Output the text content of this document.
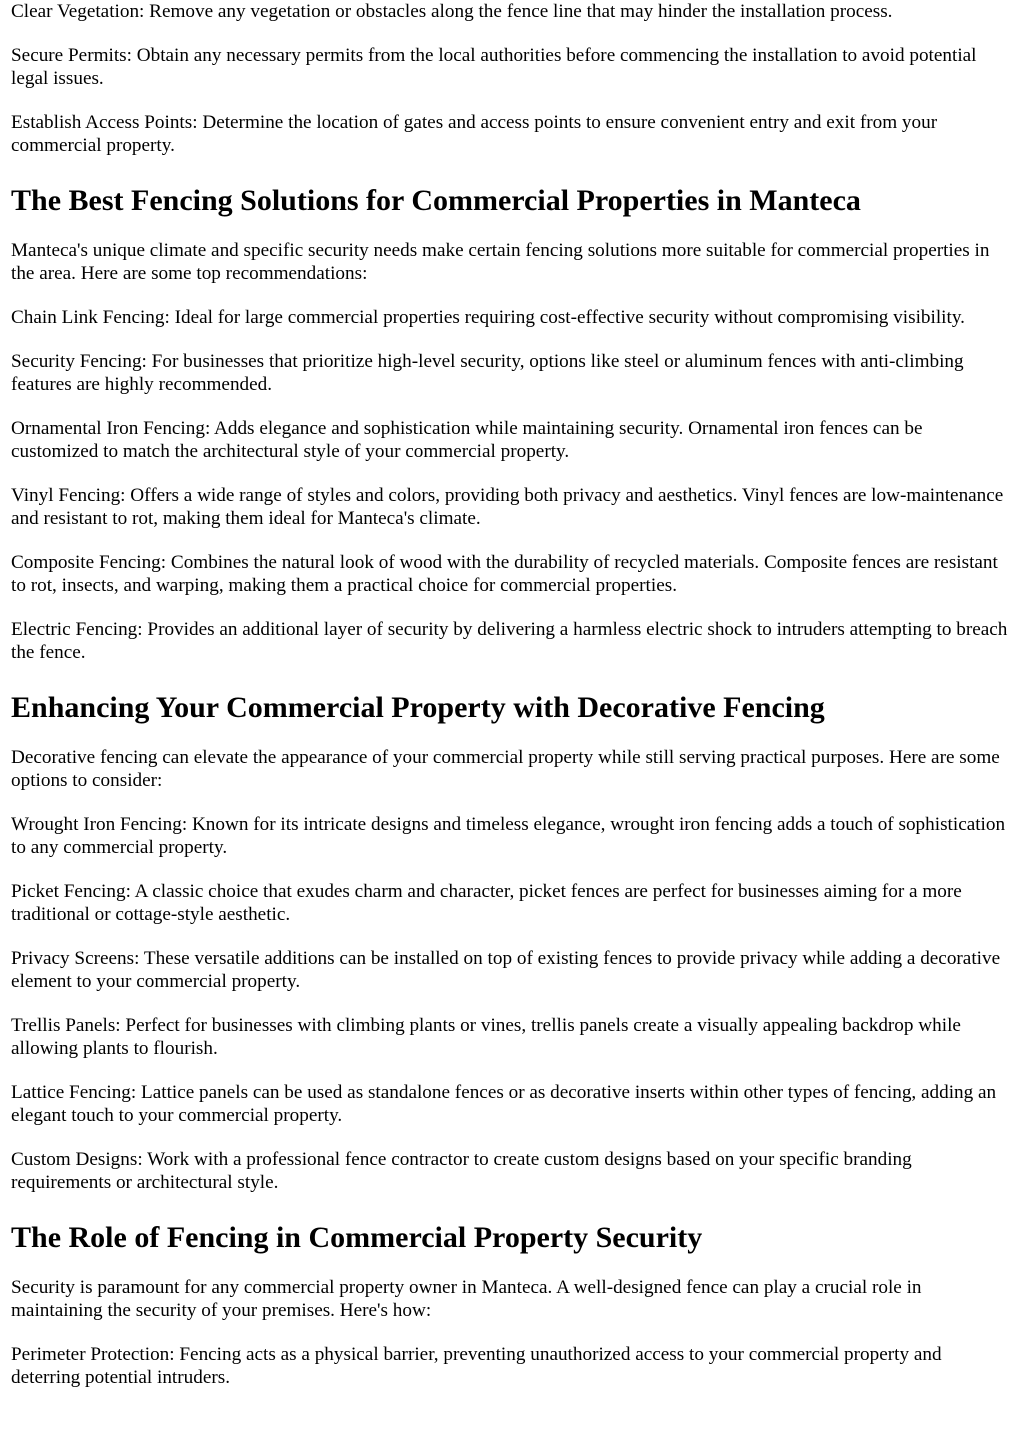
Clear Vegetation: Remove any vegetation or obstacles along the fence line that may hinder the installation process.

Secure Permits: Obtain any necessary permits from the local authorities before commencing the installation to avoid potential legal issues.

Establish Access Points: Determine the location of gates and access points to ensure convenient entry and exit from your commercial property.

The Best Fencing Solutions for Commercial Properties in Manteca

Manteca's unique climate and specific security needs make certain fencing solutions more suitable for commercial properties in the area. Here are some top recommendations:

Chain Link Fencing: Ideal for large commercial properties requiring cost-effective security without compromising visibility.

Security Fencing: For businesses that prioritize high-level security, options like steel or aluminum fences with anti-climbing features are highly recommended.

Ornamental Iron Fencing: Adds elegance and sophistication while maintaining security. Ornamental iron fences can be customized to match the architectural style of your commercial property.

Vinyl Fencing: Offers a wide range of styles and colors, providing both privacy and aesthetics. Vinyl fences are low-maintenance and resistant to rot, making them ideal for Manteca's climate.

Composite Fencing: Combines the natural look of wood with the durability of recycled materials. Composite fences are resistant to rot, insects, and warping, making them a practical choice for commercial properties.

Electric Fencing: Provides an additional layer of security by delivering a harmless electric shock to intruders attempting to breach the fence.

Enhancing Your Commercial Property with Decorative Fencing

Decorative fencing can elevate the appearance of your commercial property while still serving practical purposes. Here are some options to consider:

Wrought Iron Fencing: Known for its intricate designs and timeless elegance, wrought iron fencing adds a touch of sophistication to any commercial property.

Picket Fencing: A classic choice that exudes charm and character, picket fences are perfect for businesses aiming for a more traditional or cottage-style aesthetic.

Privacy Screens: These versatile additions can be installed on top of existing fences to provide privacy while adding a decorative element to your commercial property.

Trellis Panels: Perfect for businesses with climbing plants or vines, trellis panels create a visually appealing backdrop while allowing plants to flourish.

Lattice Fencing: Lattice panels can be used as standalone fences or as decorative inserts within other types of fencing, adding an elegant touch to your commercial property.

Custom Designs: Work with a professional fence contractor to create custom designs based on your specific branding requirements or architectural style.

The Role of Fencing in Commercial Property Security

Security is paramount for any commercial property owner in Manteca. A well-designed fence can play a crucial role in maintaining the security of your premises. Here's how:

Perimeter Protection: Fencing acts as a physical barrier, preventing unauthorized access to your commercial property and deterring potential intruders.
